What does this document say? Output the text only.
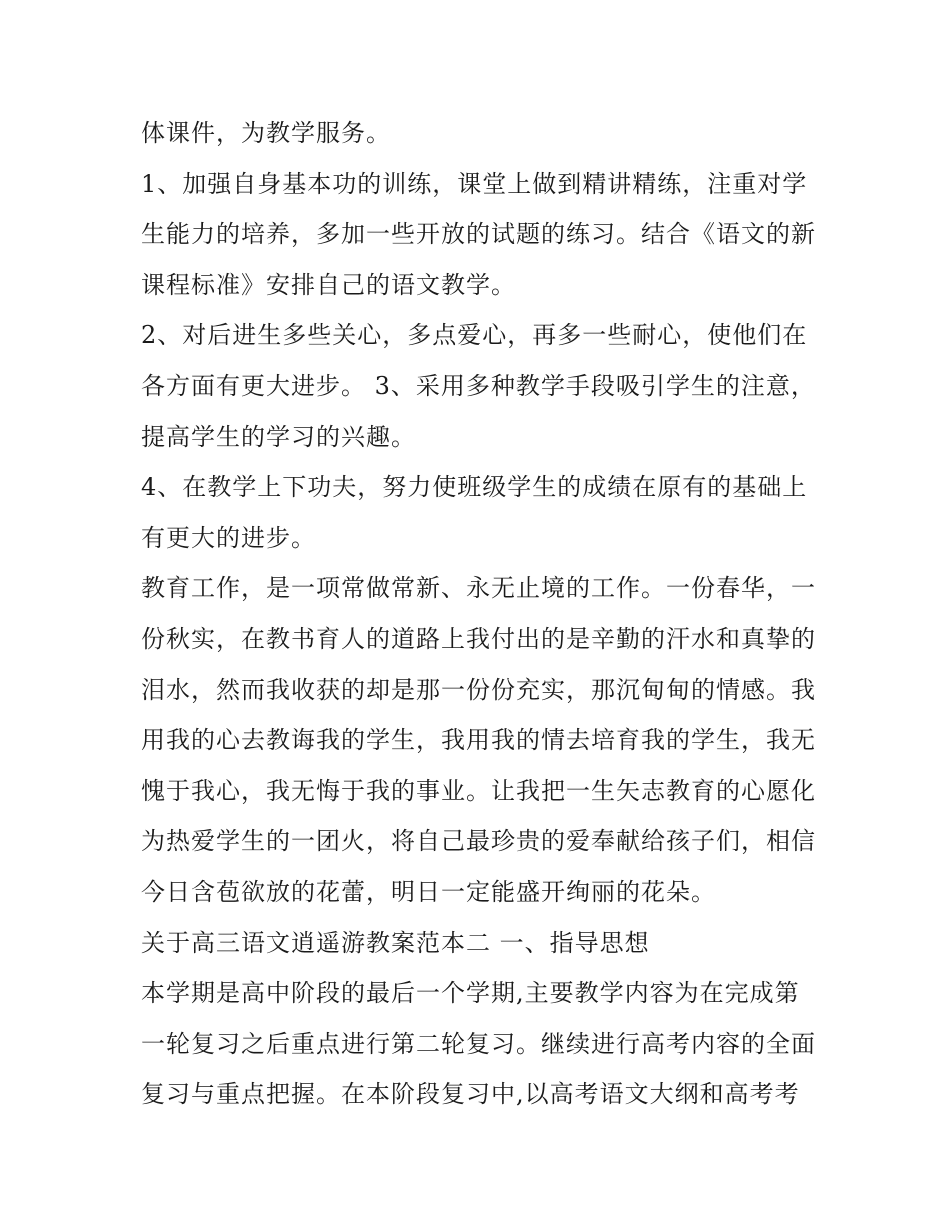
体课件，为教学服务。
1、加强自身基本功的训练，课堂上做到精讲精练，注重对学
生能力的培养，多加一些开放的试题的练习。结合《语文的新
课程标准》安排自己的语文教学。
2、对后进生多些关心，多点爱心，再多一些耐心，使他们在
各方面有更大进步。 3、采用多种教学手段吸引学生的注意，
提高学生的学习的兴趣。
4、在教学上下功夫，努力使班级学生的成绩在原有的基础上
有更大的进步。
教育工作，是一项常做常新、永无止境的工作。一份春华，一
份秋实，在教书育人的道路上我付出的是辛勤的汗水和真挚的
泪水，然而我收获的却是那一份份充实，那沉甸甸的情感。我
用我的心去教诲我的学生，我用我的情去培育我的学生，我无
愧于我心，我无悔于我的事业。让我把一生矢志教育的心愿化
为热爱学生的一团火，将自己最珍贵的爱奉献给孩子们，相信
今日含苞欲放的花蕾，明日一定能盛开绚丽的花朵。
关于高三语文逍遥游教案范本二 一、指导思想
本学期是高中阶段的最后一个学期,主要教学内容为在完成第
一轮复习之后重点进行第二轮复习。继续进行高考内容的全面
复习与重点把握。在本阶段复习中,以高考语文大纲和高考考
